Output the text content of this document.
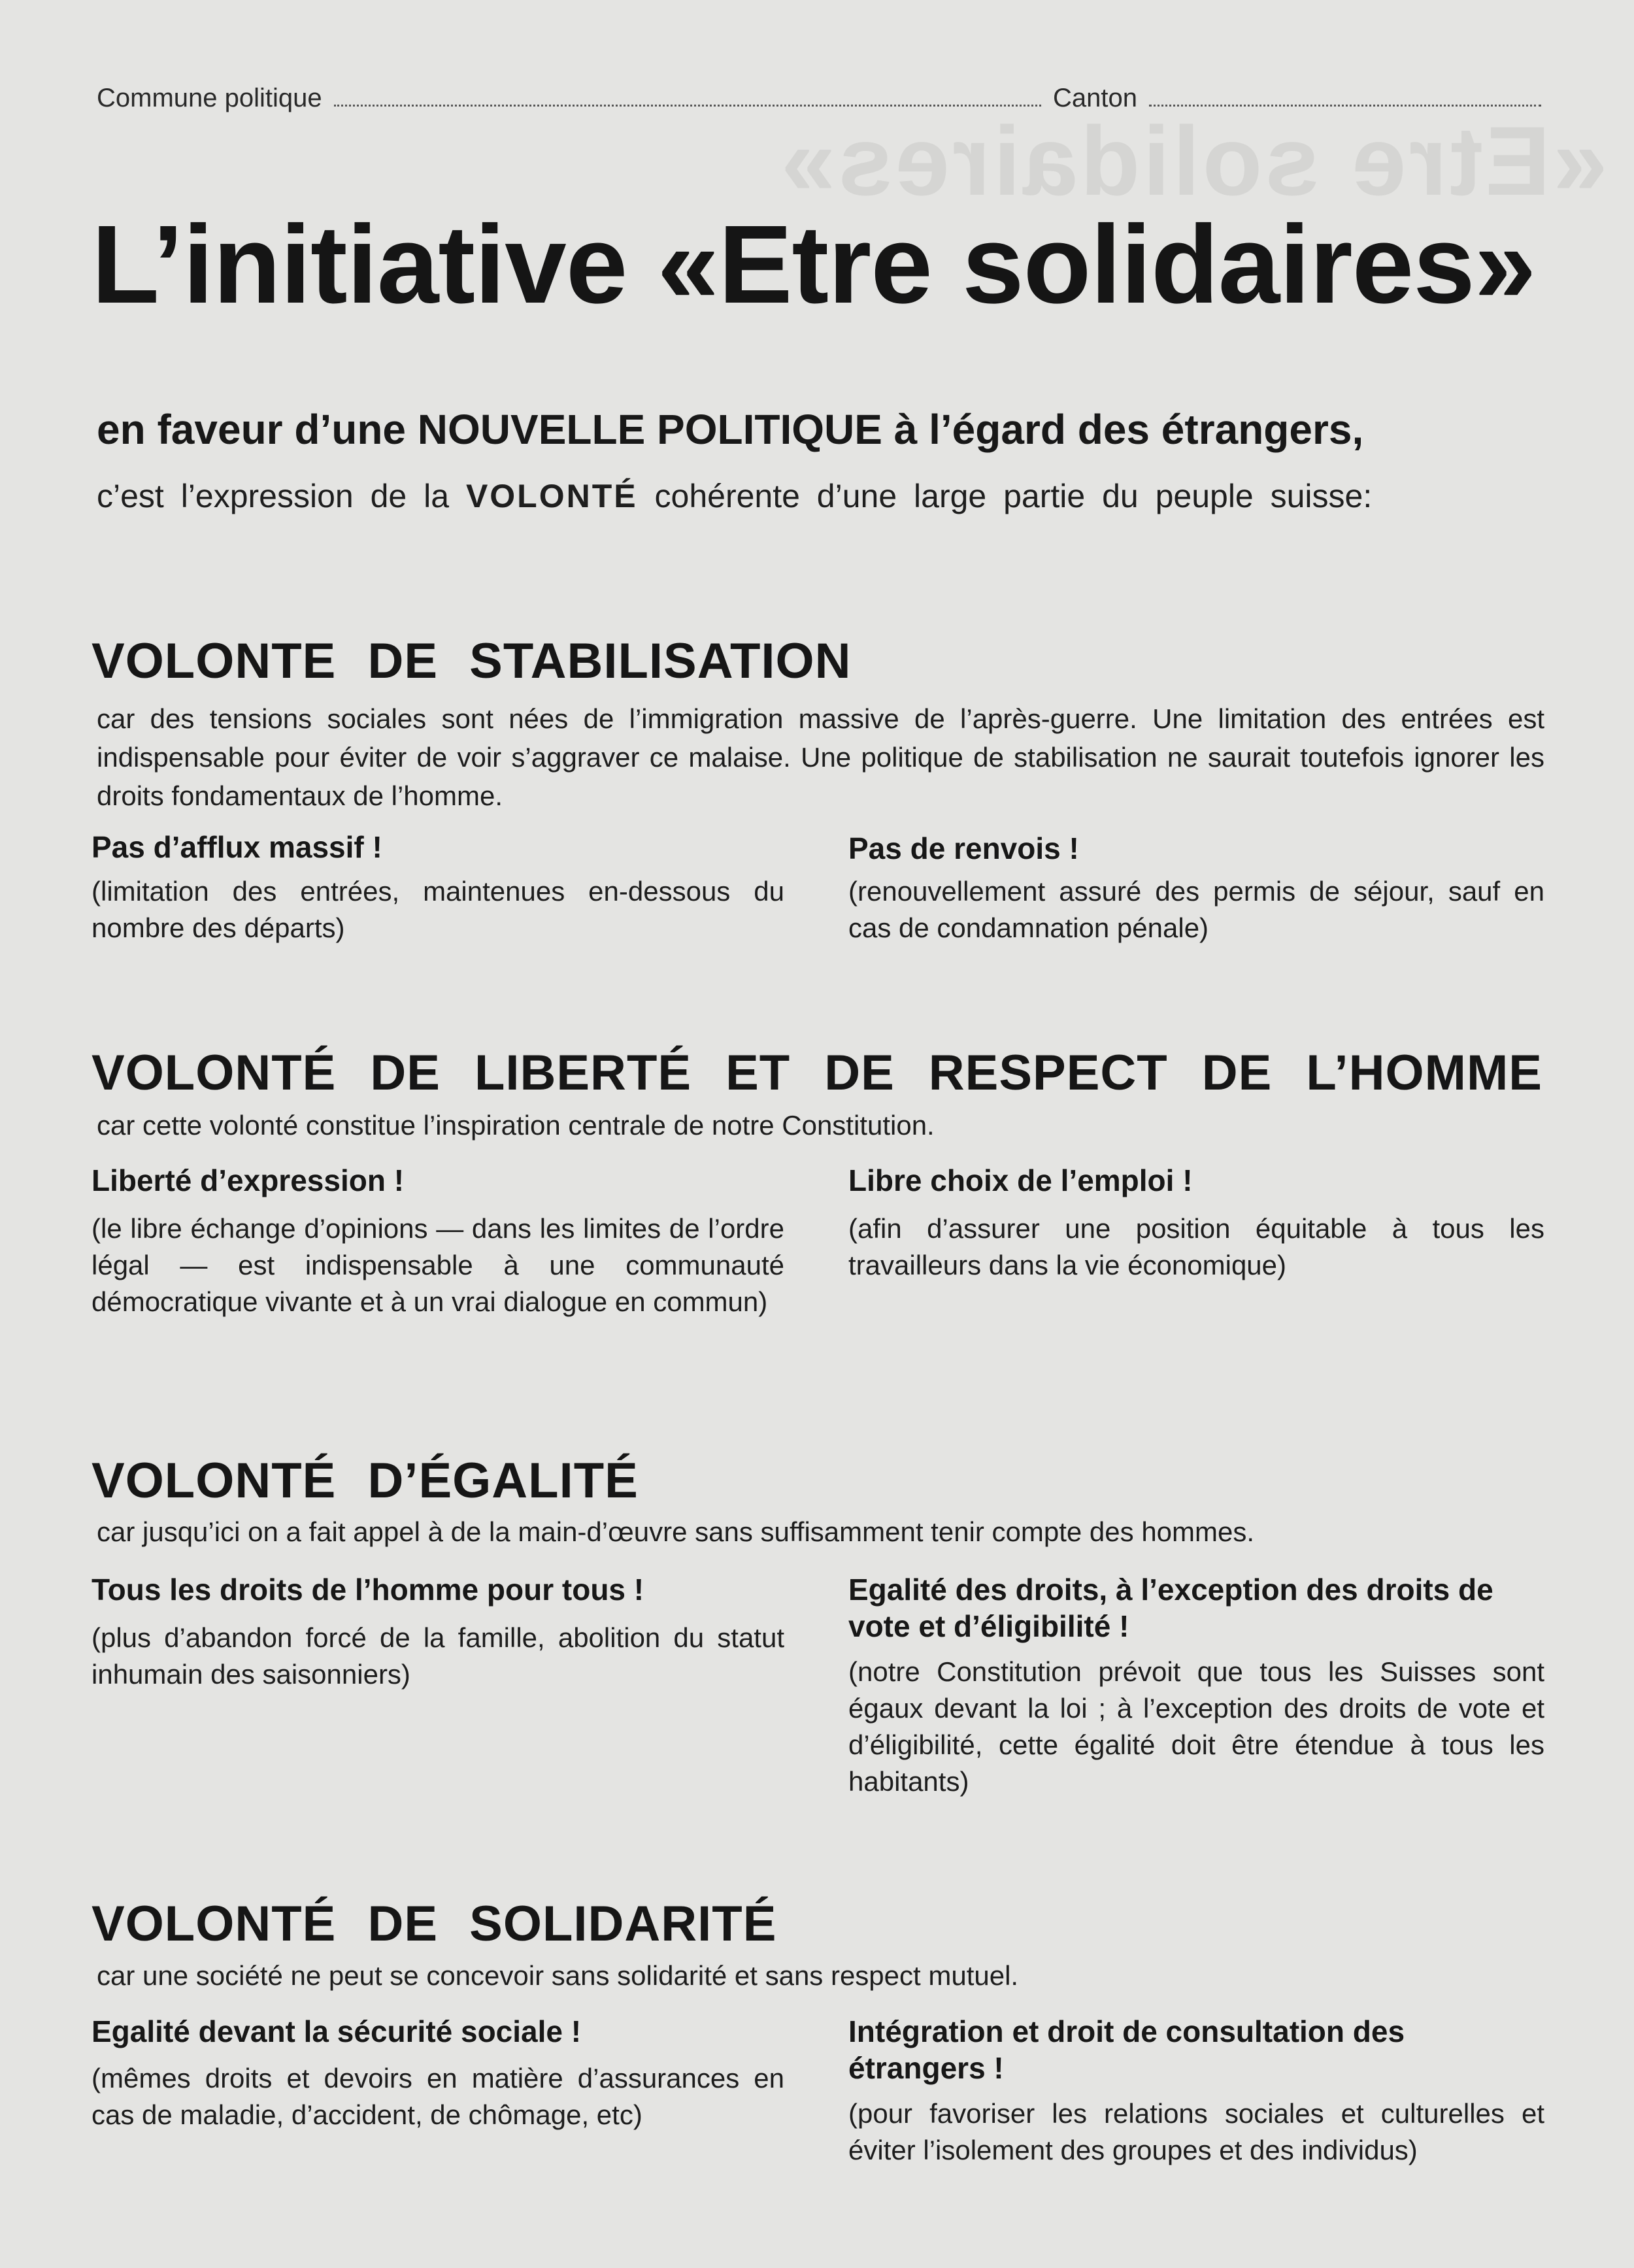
«Etre solidaires»
Commune politique	Canton
L’initiative «Etre solidaires»
en faveur d’une NOUVELLE POLITIQUE à l’égard des étrangers,
c’est l’expression de la VOLONTÉ cohérente d’une large partie du peuple suisse:
VOLONTE DE STABILISATION
car des tensions sociales sont nées de l’immigration massive de l’après-guerre. Une limitation des entrées est indispensable pour éviter de voir s’aggraver ce malaise. Une politique de stabilisation ne saurait toutefois ignorer les droits fondamentaux de l’homme.
Pas d’afflux massif !
(limitation des entrées, maintenues en-dessous du nombre des départs)
Pas de renvois !
(renouvellement assuré des permis de séjour, sauf en cas de condamnation pénale)
VOLONTÉ DE LIBERTÉ ET DE RESPECT DE L’HOMME
car cette volonté constitue l’inspiration centrale de notre Constitution.
Liberté d’expression !
(le libre échange d’opinions — dans les limites de l’ordre légal — est indispensable à une communauté démocratique vivante et à un vrai dialogue en commun)
Libre choix de l’emploi !
(afin d’assurer une position équitable à tous les travailleurs dans la vie économique)
VOLONTÉ D’ÉGALITÉ
car jusqu’ici on a fait appel à de la main-d’œuvre sans suffisamment tenir compte des hommes.
Tous les droits de l’homme pour tous !
(plus d’abandon forcé de la famille, abolition du statut inhumain des saisonniers)
Egalité des droits, à l’exception des droits de vote et d’éligibilité !
(notre Constitution prévoit que tous les Suisses sont égaux devant la loi ; à l’exception des droits de vote et d’éligibilité, cette égalité doit être étendue à tous les habitants)
VOLONTÉ DE SOLIDARITÉ
car une société ne peut se concevoir sans solidarité et sans respect mutuel.
Egalité devant la sécurité sociale !
(mêmes droits et devoirs en matière d’assurances en cas de maladie, d’accident, de chômage, etc)
Intégration et droit de consultation des étrangers !
(pour favoriser les relations sociales et culturelles et éviter l’isolement des groupes et des individus)
